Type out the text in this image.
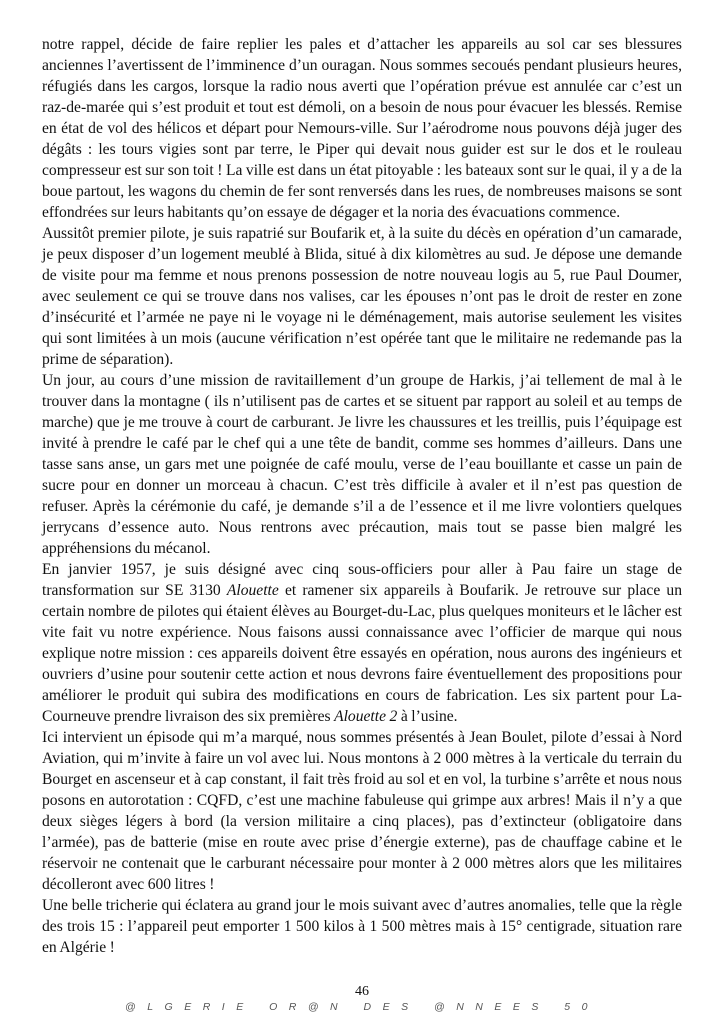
notre rappel, décide de faire replier les pales et d’attacher les appareils au sol car ses blessures anciennes l’avertissent de l’imminence d’un ouragan. Nous sommes secoués pendant plusieurs heures, réfugiés dans les cargos, lorsque la radio nous averti que l’opération prévue est annulée car c’est un raz-de-marée qui s’est produit et tout est démoli, on a besoin de nous pour évacuer les blessés. Remise en état de vol des hélicos et départ pour Nemours-ville. Sur l’aérodrome nous pouvons déjà juger des dégâts : les tours vigies sont par terre, le Piper qui devait nous guider est sur le dos et le rouleau compresseur est sur son toit ! La ville est dans un état pitoyable : les bateaux sont sur le quai, il y a de la boue partout, les wagons du chemin de fer sont renversés dans les rues, de nombreuses maisons se sont effondrées sur leurs habitants qu’on essaye de dégager et la noria des évacuations commence.

Aussitôt premier pilote, je suis rapatrié sur Boufarik et, à la suite du décès en opération d’un camarade, je peux disposer d’un logement meublé à Blida, situé à dix kilomètres au sud. Je dépose une demande de visite pour ma femme et nous prenons possession de notre nouveau logis au 5, rue Paul Doumer, avec seulement ce qui se trouve dans nos valises, car les épouses n’ont pas le droit de rester en zone d’insécurité et l’armée ne paye ni le voyage ni le déménagement, mais autorise seulement les visites qui sont limitées à un mois (aucune vérification n’est opérée tant que le militaire ne redemande pas la prime de séparation).

Un jour, au cours d’une mission de ravitaillement d’un groupe de Harkis, j’ai tellement de mal à le trouver dans la montagne ( ils n’utilisent pas de cartes et se situent par rapport au soleil et au temps de marche) que je me trouve à court de carburant. Je livre les chaussures et les treillis, puis l’équipage est invité à prendre le café par le chef qui a une tête de bandit, comme ses hommes d’ailleurs. Dans une tasse sans anse, un gars met une poignée de café moulu, verse de l’eau bouillante et casse un pain de sucre pour en donner un morceau à chacun. C’est très difficile à avaler et il n’est pas question de refuser. Après la cérémonie du café, je demande s’il a de l’essence et il me livre volontiers quelques jerrycans d’essence auto. Nous rentrons avec précaution, mais tout se passe bien malgré les appréhensions du mécanol.

En janvier 1957, je suis désigné avec cinq sous-officiers pour aller à Pau faire un stage de transformation sur SE 3130 Alouette et ramener six appareils à Boufarik. Je retrouve sur place un certain nombre de pilotes qui étaient élèves au Bourget-du-Lac, plus quelques moniteurs et le lâcher est vite fait vu notre expérience. Nous faisons aussi connaissance avec l’officier de marque qui nous explique notre mission : ces appareils doivent être essayés en opération, nous aurons des ingénieurs et ouvriers d’usine pour soutenir cette action et nous devrons faire éventuellement des propositions pour améliorer le produit qui subira des modifications en cours de fabrication. Les six partent pour La-Courneuve prendre livraison des six premières Alouette 2 à l’usine.

Ici intervient un épisode qui m’a marqué, nous sommes présentés à Jean Boulet, pilote d’essai à Nord Aviation, qui m’invite à faire un vol avec lui. Nous montons à 2 000 mètres à la verticale du terrain du Bourget en ascenseur et à cap constant, il fait très froid au sol et en vol, la turbine s’arrête et nous nous posons en autorotation : CQFD, c’est une machine fabuleuse qui grimpe aux arbres! Mais il n’y a que deux sièges légers à bord (la version militaire a cinq places), pas d’extincteur (obligatoire dans l’armée), pas de batterie (mise en route avec prise d’énergie externe), pas de chauffage cabine et le réservoir ne contenait que le carburant nécessaire pour monter à 2 000 mètres alors que les militaires décolleront avec 600 litres !

Une belle tricherie qui éclatera au grand jour le mois suivant avec d’autres anomalies, telle que la règle des trois 15 : l’appareil peut emporter 1 500 kilos à 1 500 mètres mais à 15° centigrade, situation rare en Algérie !

46

@LGERIE OR@N DES @NNEES 50
